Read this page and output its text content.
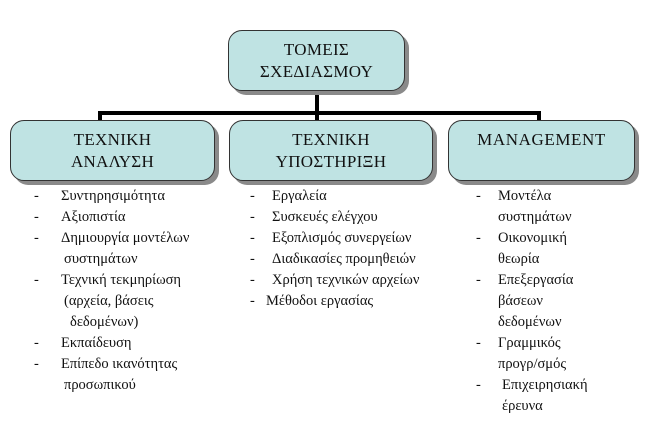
ΤΟΜΕΙΣ
ΣΧΕΔΙΑΣΜΟΥ
ΤΕΧΝΙΚΗ
ΑΝΑΛΥΣΗ
ΤΕΧΝΙΚΗ
ΥΠΟΣΤΗΡΙΞΗ
MANAGEMENT
- Συντηρησιμότητα
- Αξιοπιστία
- Δημιουργία μοντέλων
συστημάτων
- Τεχνική τεκμηρίωση
(αρχεία, βάσεις
δεδομένων)
- Εκπαίδευση
- Επίπεδο ικανότητας
προσωπικού
- Εργαλεία
- Συσκευές ελέγχου
- Εξοπλισμός συνεργείων
- Διαδικασίες προμηθειών
- Χρήση τεχνικών αρχείων
- Μέθοδοι εργασίας
- Μοντέλα
συστημάτων
- Οικονομική
θεωρία
- Επεξεργασία
βάσεων
δεδομένων
- Γραμμικός
προγρ/σμός
- Επιχειρησιακή
έρευνα
